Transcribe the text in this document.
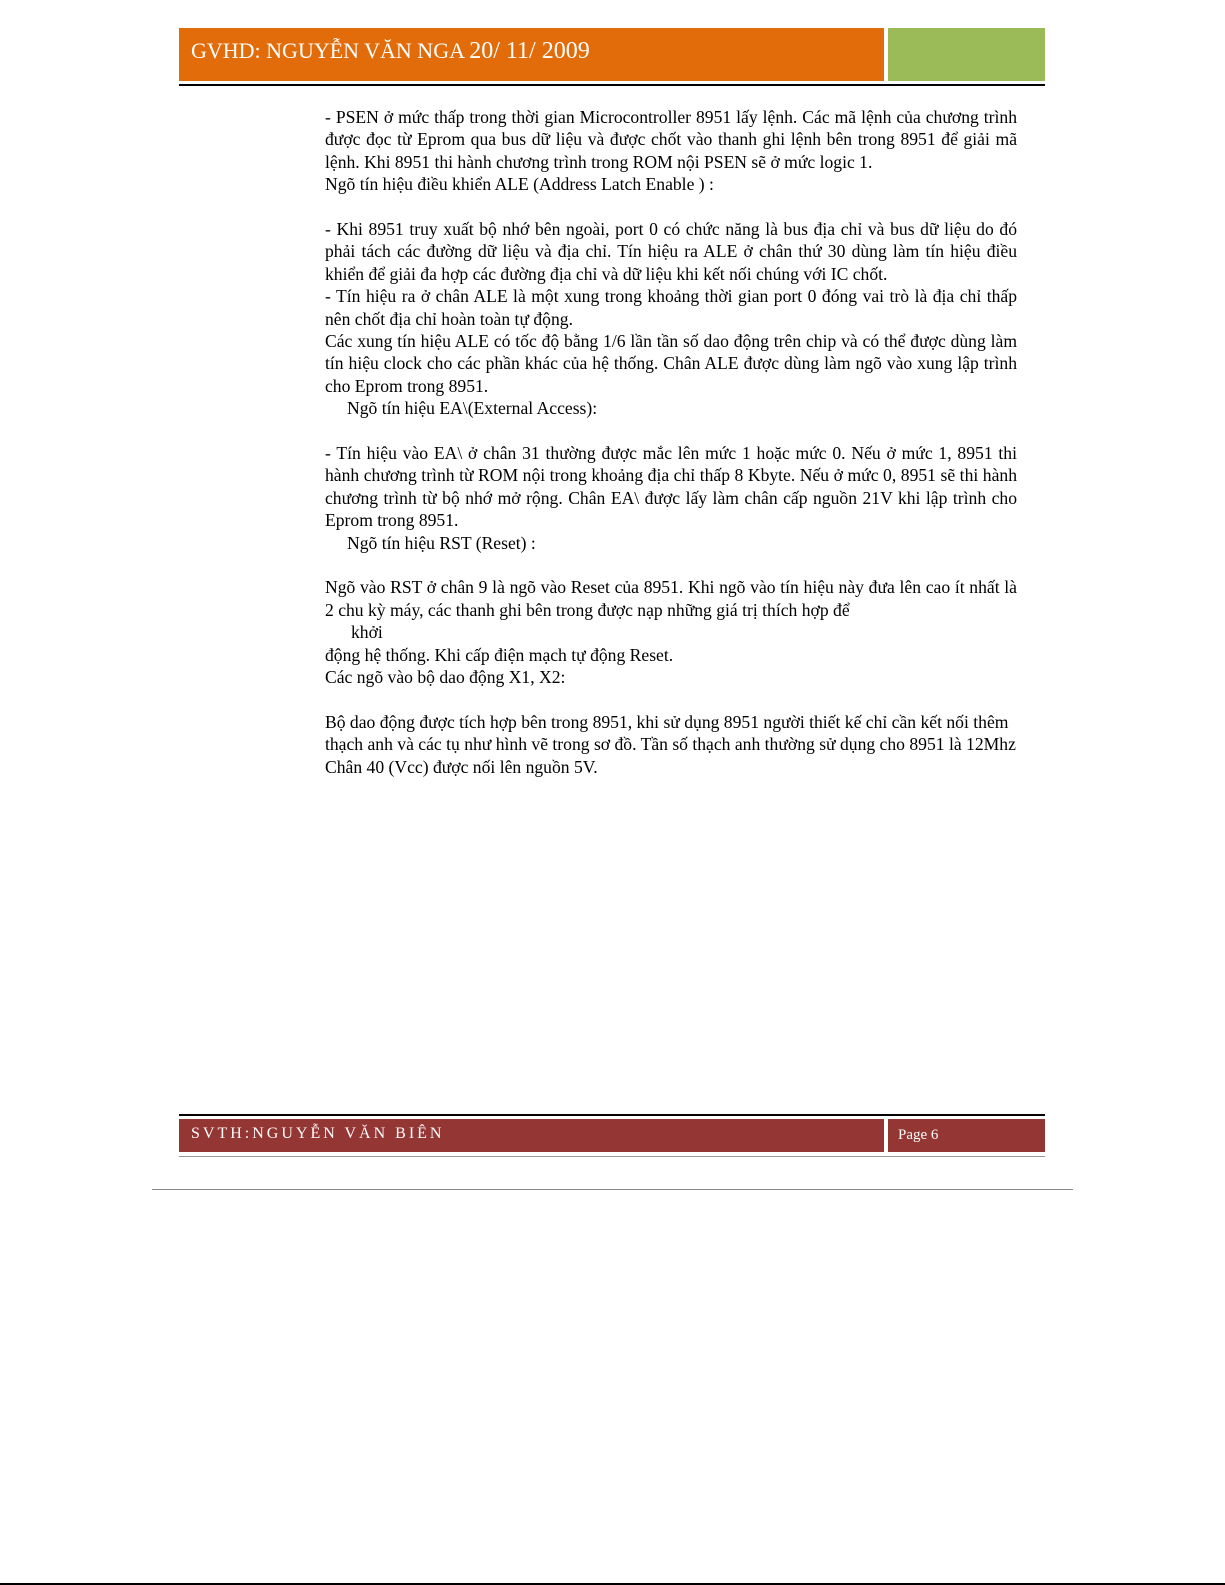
GVHD: NGUYỄN VĂN NGA 20/ 11/ 2009

- PSEN ở mức thấp trong thời gian Microcontroller 8951 lấy lệnh. Các mã lệnh của chương trình được đọc từ Eprom qua bus dữ liệu và được chốt vào thanh ghi lệnh bên trong 8951 để giải mã lệnh. Khi 8951 thi hành chương trình trong ROM nội PSEN sẽ ở mức logic 1.

Ngõ tín hiệu điều khiển ALE (Address Latch Enable ) :

- Khi 8951 truy xuất bộ nhớ bên ngoài, port 0 có chức năng là bus địa chỉ và bus dữ liệu do đó phải tách các đường dữ liệu và địa chỉ. Tín hiệu ra ALE ở chân thứ 30 dùng làm tín hiệu điều khiển để giải đa hợp các đường địa chỉ và dữ liệu khi kết nối chúng với IC chốt.

- Tín hiệu ra ở chân ALE là một xung trong khoảng thời gian port 0 đóng vai trò là địa chỉ thấp nên chốt địa chỉ hoàn toàn tự động.

Các xung tín hiệu ALE có tốc độ bằng 1/6 lần tần số dao động trên chip và có thể được dùng làm tín hiệu clock cho các phần khác của hệ thống. Chân ALE được dùng làm ngõ vào xung lập trình cho Eprom trong 8951.

Ngõ tín hiệu EA\(External Access):

- Tín hiệu vào EA\ ở chân 31 thường được mắc lên mức 1 hoặc mức 0. Nếu ở mức 1, 8951 thi hành chương trình từ ROM nội trong khoảng địa chỉ thấp 8 Kbyte. Nếu ở mức 0, 8951 sẽ thi hành chương trình từ bộ nhớ mở rộng. Chân EA\ được lấy làm chân cấp nguồn 21V khi lập trình cho Eprom trong 8951.

Ngõ tín hiệu RST (Reset) :

Ngõ vào RST ở chân 9 là ngõ vào Reset của 8951. Khi ngõ vào tín hiệu này đưa lên cao ít nhất là 2 chu kỳ máy, các thanh ghi bên trong được nạp những giá trị thích hợp để

khởi

động hệ thống. Khi cấp điện mạch tự động Reset.

Các ngõ vào bộ dao động X1, X2:

Bộ dao động được tích hợp bên trong 8951, khi sử dụng 8951 người thiết kế chỉ cần kết nối thêm thạch anh và các tụ như hình vẽ trong sơ đồ. Tần số thạch anh thường sử dụng cho 8951 là 12Mhz

Chân 40 (Vcc) được nối lên nguồn 5V.

SVTH:NGUYỄN VĂN BIÊN	Page 6
